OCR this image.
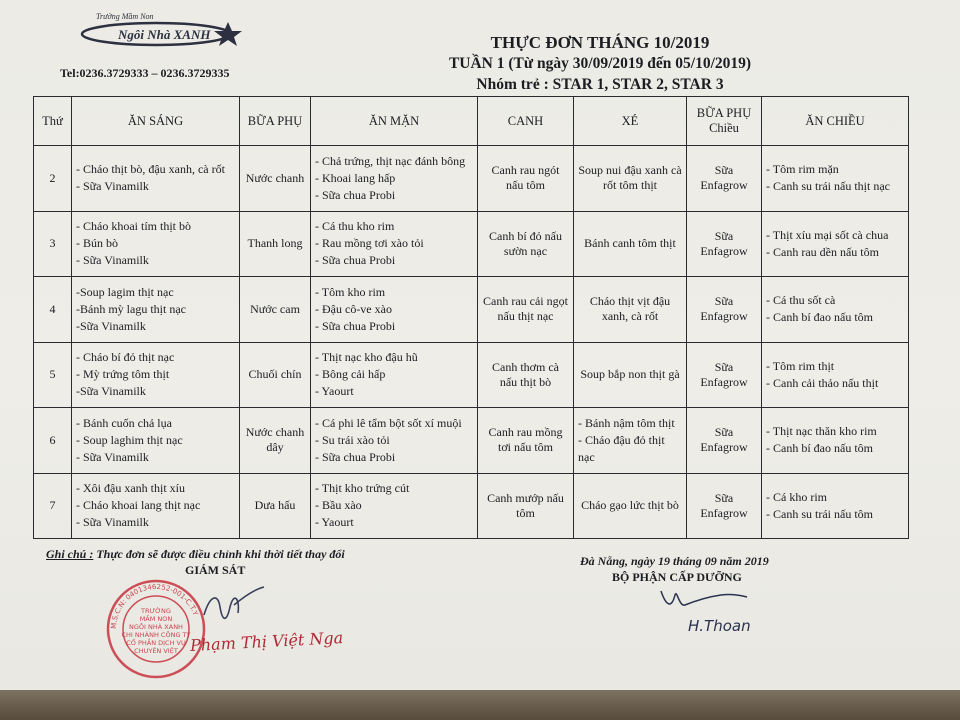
Trường Mầm Non
Ngôi Nhà XANH
Tel:0236.3729333 – 0236.3729335
THỰC ĐƠN THÁNG 10/2019
TUẦN 1 (Từ ngày 30/09/2019 đến 05/10/2019)
Nhóm trẻ : STAR 1, STAR 2, STAR 3
Thứ	ĂN SÁNG	BỮA PHỤ	ĂN MẶN	CANH	XÉ	BỮA PHỤ Chiều	ĂN CHIỀU
2	- Cháo thịt bò, đậu xanh, cà rốt
- Sữa Vinamilk	Nước chanh	- Chả trứng, thịt nạc đánh bông
- Khoai lang hấp
- Sữa chua Probi	Canh rau ngót nấu tôm	Soup nui đậu xanh cà rốt tôm thịt	Sữa Enfagrow	- Tôm rim mặn
- Canh su trái nấu thịt nạc

3	- Cháo khoai tím thịt bò
- Bún bò
- Sữa Vinamilk	Thanh long	- Cá thu kho rim
- Rau mồng tơi xào tỏi
- Sữa chua Probi	Canh bí đỏ nấu sườn nạc	Bánh canh tôm thịt	Sữa Enfagrow	- Thịt xíu mại sốt cà chua
- Canh rau dền nấu tôm

4	-Soup lagim thịt nạc
-Bánh mỳ lagu thịt nạc
-Sữa Vinamilk	Nước cam	- Tôm kho rim
- Đậu cô-ve xào
- Sữa chua Probi	Canh rau cải ngọt nấu thịt nạc	Cháo thịt vịt đậu xanh, cà rốt	Sữa Enfagrow	- Cá thu sốt cà
- Canh bí đao nấu tôm

5	- Cháo bí đỏ thịt nạc
- Mỳ trứng tôm thịt
-Sữa Vinamilk	Chuối chín	- Thịt nạc kho đậu hũ
- Bông cải hấp
- Yaourt	Canh thơm cà nấu thịt bò	Soup bắp non thịt gà	Sữa Enfagrow	- Tôm rim thịt
- Canh cải thảo nấu thịt

6	- Bánh cuốn chả lụa
- Soup laghim thịt nạc
- Sữa Vinamilk	Nước chanh dây	- Cá phi lê tẩm bột sốt xí muội
- Su trái xào tỏi
- Sữa chua Probi	Canh rau mồng tơi nấu tôm	- Bánh nậm tôm thịt
- Cháo đậu đỏ thịt nạc	Sữa Enfagrow	- Thịt nạc thăn kho rim
- Canh bí đao nấu tôm

7	- Xôi đậu xanh thịt xíu
- Cháo khoai lang thịt nạc
- Sữa Vinamilk	Dưa hấu	- Thịt kho trứng cút
- Bầu xào
- Yaourt	Canh mướp nấu tôm	Cháo gạo lức thịt bò	Sữa Enfagrow	- Cá kho rim
- Canh su trái nấu tôm
Ghi chú : Thực đơn sẽ được điều chỉnh khi thời tiết thay đổi
GIÁM SÁT
Đà Nẵng, ngày 19 tháng 09 năm 2019
BỘ PHẬN CẤP DƯỠNG
M.S.C.N: 0401346252-001-C.T.Y
TRƯỜNG
MẦM NON
NGÔI NHÀ XANH
CHI NHÁNH CÔNG TY
CỔ PHẦN DỊCH VỤ
CHUYÊN VIỆT Phạm Thị Việt Nga
H.Thoan
